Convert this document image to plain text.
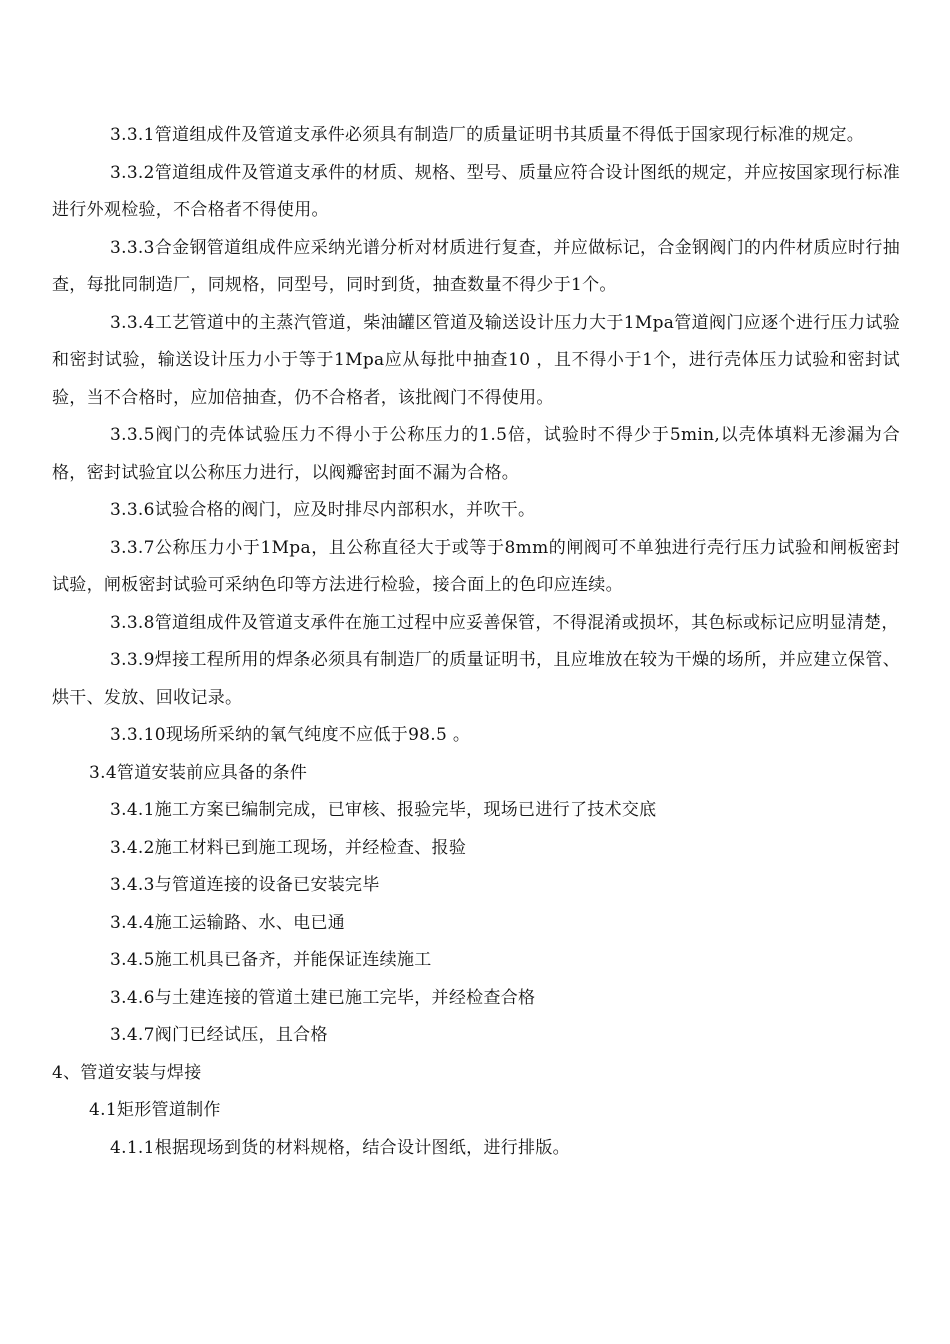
3.3.1管道组成件及管道支承件必须具有制造厂的质量证明书其质量不得低于国家现行标准的规定。

3.3.2管道组成件及管道支承件的材质、规格、型号、质量应符合设计图纸的规定，并应按国家现行标准进行外观检验，不合格者不得使用。

3.3.3合金钢管道组成件应采纳光谱分析对材质进行复查，并应做标记，合金钢阀门的内件材质应时行抽查，每批同制造厂，同规格，同型号，同时到货，抽查数量不得少于1个。

3.3.4工艺管道中的主蒸汽管道，柴油罐区管道及输送设计压力大于1Mpa管道阀门应逐个进行压力试验和密封试验，输送设计压力小于等于1Mpa应从每批中抽查10 ，且不得小于1个，进行壳体压力试验和密封试验，当不合格时，应加倍抽查，仍不合格者，该批阀门不得使用。

3.3.5阀门的壳体试验压力不得小于公称压力的1.5倍，试验时不得少于5min,以壳体填料无渗漏为合格，密封试验宜以公称压力进行，以阀瓣密封面不漏为合格。

3.3.6试验合格的阀门，应及时排尽内部积水，并吹干。

3.3.7公称压力小于1Mpa，且公称直径大于或等于8mm的闸阀可不单独进行壳行压力试验和闸板密封试验，闸板密封试验可采纳色印等方法进行检验，接合面上的色印应连续。

3.3.8管道组成件及管道支承件在施工过程中应妥善保管，不得混淆或损坏，其色标或标记应明显清楚，

3.3.9焊接工程所用的焊条必须具有制造厂的质量证明书，且应堆放在较为干燥的场所，并应建立保管、烘干、发放、回收记录。

3.3.10现场所采纳的氧气纯度不应低于98.5 。

3.4管道安装前应具备的条件

3.4.1施工方案已编制完成，已审核、报验完毕，现场已进行了技术交底

3.4.2施工材料已到施工现场，并经检查、报验

3.4.3与管道连接的设备已安装完毕

3.4.4施工运输路、水、电已通

3.4.5施工机具已备齐，并能保证连续施工

3.4.6与土建连接的管道土建已施工完毕，并经检查合格

3.4.7阀门已经试压，且合格

4、管道安装与焊接

4.1矩形管道制作

4.1.1根据现场到货的材料规格，结合设计图纸，进行排版。
